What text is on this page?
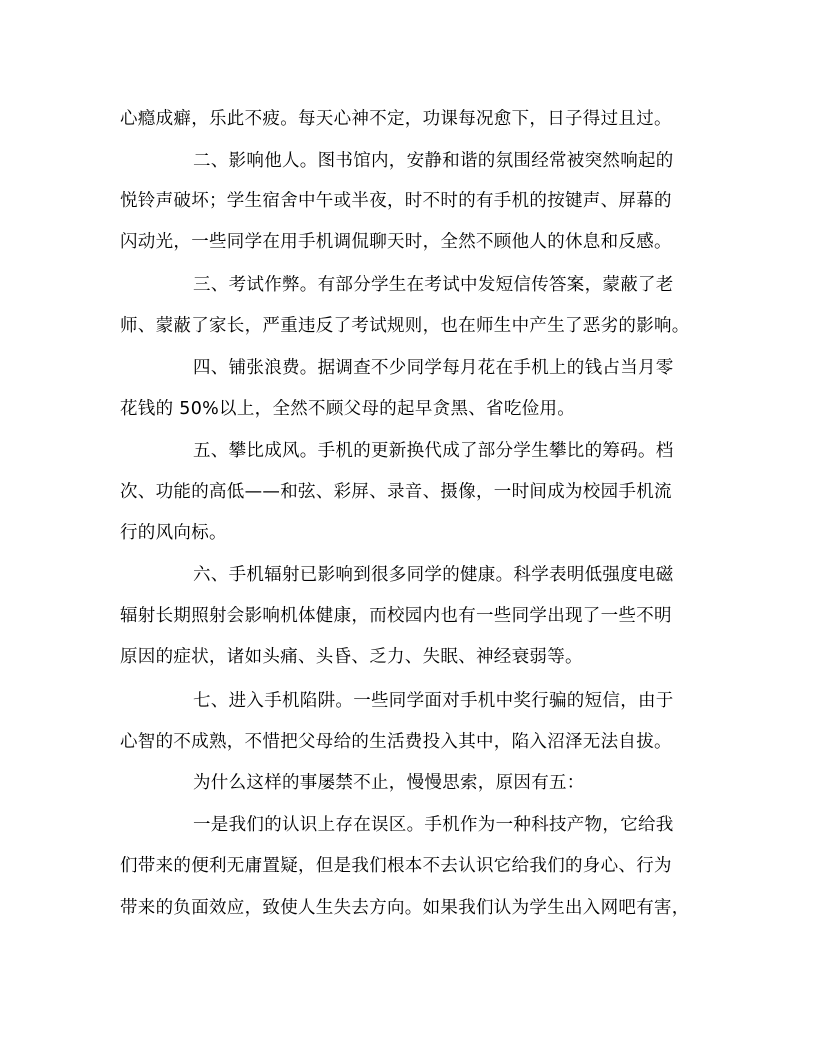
心瘾成癖，乐此不疲。每天心神不定，功课每况愈下，日子得过且过。
二、影响他人。图书馆内，安静和谐的氛围经常被突然响起的
悦铃声破坏；学生宿舍中午或半夜，时不时的有手机的按键声、屏幕的
闪动光，一些同学在用手机调侃聊天时，全然不顾他人的休息和反感。
三、考试作弊。有部分学生在考试中发短信传答案，蒙蔽了老
师、蒙蔽了家长，严重违反了考试规则，也在师生中产生了恶劣的影响。
四、铺张浪费。据调查不少同学每月花在手机上的钱占当月零
花钱的 50%以上，全然不顾父母的起早贪黑、省吃俭用。
五、攀比成风。手机的更新换代成了部分学生攀比的筹码。档
次、功能的高低——和弦、彩屏、录音、摄像，一时间成为校园手机流
行的风向标。
六、手机辐射已影响到很多同学的健康。科学表明低强度电磁
辐射长期照射会影响机体健康，而校园内也有一些同学出现了一些不明
原因的症状，诸如头痛、头昏、乏力、失眠、神经衰弱等。
七、进入手机陷阱。一些同学面对手机中奖行骗的短信，由于
心智的不成熟，不惜把父母给的生活费投入其中，陷入沼泽无法自拔。
为什么这样的事屡禁不止，慢慢思索，原因有五：
一是我们的认识上存在误区。手机作为一种科技产物，它给我
们带来的便利无庸置疑，但是我们根本不去认识它给我们的身心、行为
带来的负面效应，致使人生失去方向。如果我们认为学生出入网吧有害，
